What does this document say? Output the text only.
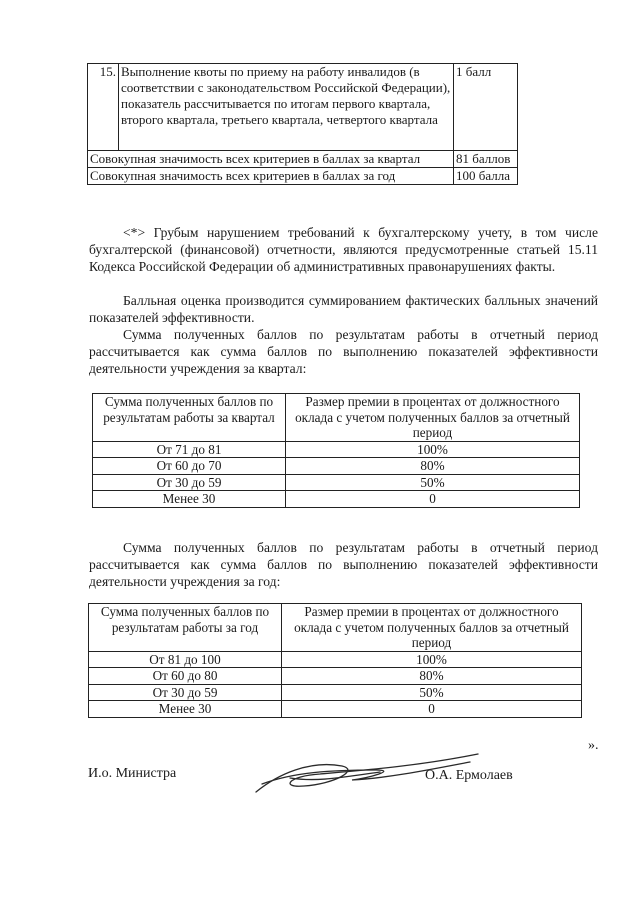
15.	Выполнение квоты по приему на работу инвалидов (в соответствии с законодательством Российской Федерации), показатель рассчитывается по итогам первого квартала, второго квартала, третьего квартала, четвертого квартала	1 балл
Совокупная значимость всех критериев в баллах за квартал		81 баллов
Совокупная значимость всех критериев в баллах за год		100 балла

<*> Грубым нарушением требований к бухгалтерскому учету, в том числе бухгалтерской (финансовой) отчетности, являются предусмотренные статьей 15.11 Кодекса Российской Федерации об административных правонарушениях факты.

Балльная оценка производится суммированием фактических балльных значений показателей эффективности.

Сумма полученных баллов по результатам работы в отчетный период рассчитывается как сумма баллов по выполнению показателей эффективности деятельности учреждения за квартал:

Сумма полученных баллов по результатам работы за квартал	Размер премии в процентах от должностного оклада с учетом полученных баллов за отчетный период
От 71 до 81	100%
От 60 до 70	80%
От 30 до 59	50%
Менее 30	0

Сумма полученных баллов по результатам работы в отчетный период рассчитывается как сумма баллов по выполнению показателей эффективности деятельности учреждения за год:

Сумма полученных баллов по результатам работы за год	Размер премии в процентах от должностного оклада с учетом полученных баллов за отчетный период
От 81 до 100	100%
От 60 до 80	80%
От 30 до 59	50%
Менее 30	0
».
И.о. Министра	О.А. Ермолаев
